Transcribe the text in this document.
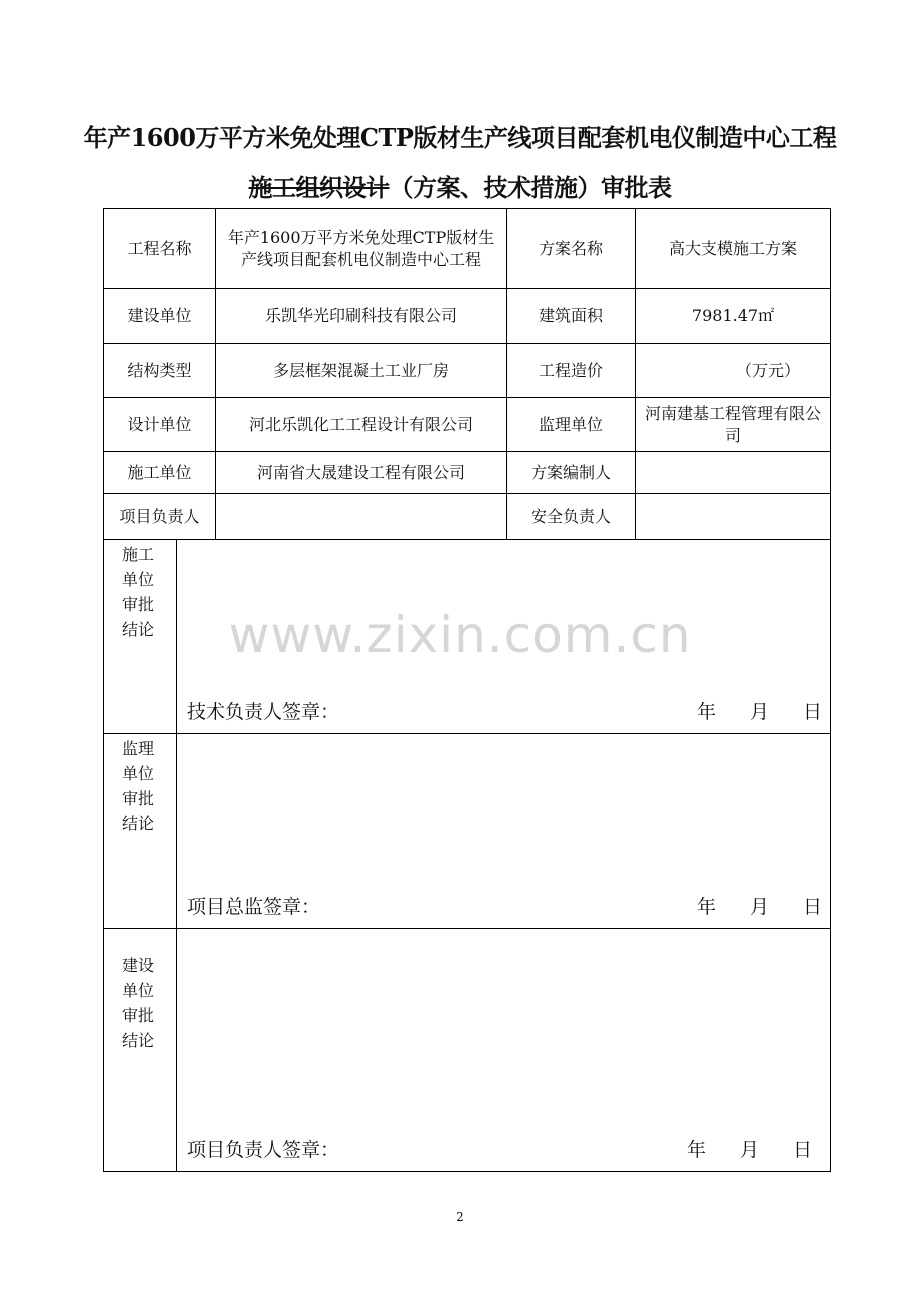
年产1600万平方米免处理CTP版材生产线项目配套机电仪制造中心工程
施工组织设计（方案、技术措施）审批表
工程名称		年产1600万平方米免处理CTP版材生产线项目配套机电仪制造中心工程	方案名称	高大支模施工方案
建设单位		乐凯华光印刷科技有限公司	建筑面积	7981.47㎡
结构类型		多层框架混凝土工业厂房	工程造价	（万元）
设计单位		河北乐凯化工工程设计有限公司	监理单位	河南建基工程管理有限公司
施工单位		河南省大晟建设工程有限公司	方案编制人	
项目负责人			安全负责人	

施工单位审批结论	技术负责人签章： 年 月 日			

监理单位审批结论	项目总监签章： 年 月 日			

建设单位审批结论	项目负责人签章： 年 月 日			
www.zixin.com.cn
2
